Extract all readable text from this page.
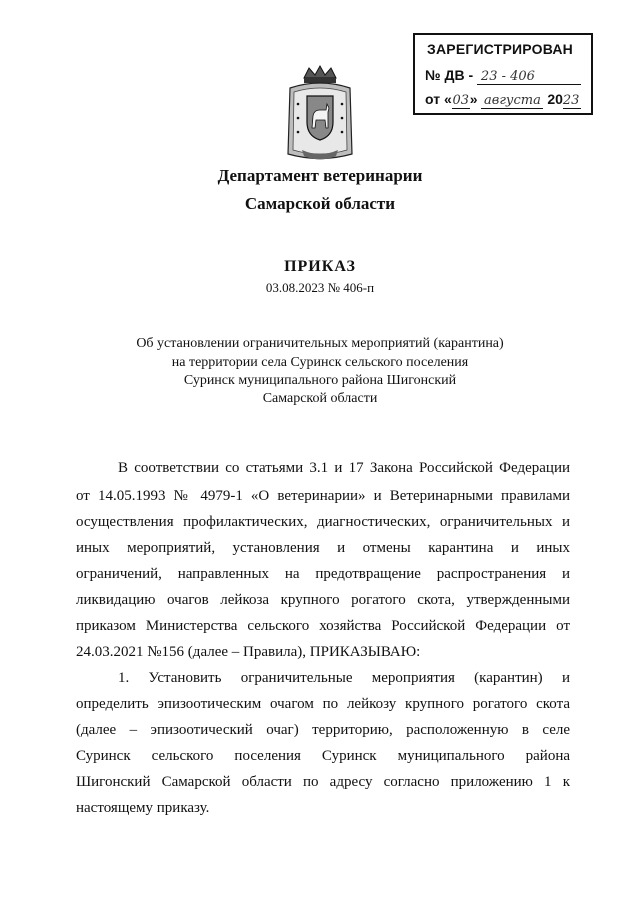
ЗАРЕГИСТРИРОВАН
№ ДВ - 23 - 406
от «03» августа 2023
Департамент ветеринарии
Самарской области
ПРИКАЗ
03.08.2023 № 406-п
Об установлении ограничительных мероприятий (карантина)
на территории села Суринск сельского поселения
Суринск муниципального района Шигонский
Самарской области
В соответствии со статьями 3.1 и 17 Закона Российской Федерации
от 14.05.1993 № 4979-1 «О ветеринарии» и Ветеринарными правилами
осуществления профилактических, диагностических, ограничительных и
иных мероприятий, установления и отмены карантина и иных
ограничений, направленных на предотвращение распространения и
ликвидацию очагов лейкоза крупного рогатого скота, утвержденными
приказом Министерства сельского хозяйства Российской Федерации от
24.03.2021 №156 (далее – Правила), ПРИКАЗЫВАЮ:
1. Установить ограничительные мероприятия (карантин) и
определить эпизоотическим очагом по лейкозу крупного рогатого скота
(далее – эпизоотический очаг) территорию, расположенную в селе
Суринск сельского поселения Суринск муниципального района
Шигонский Самарской области по адресу согласно приложению 1 к
настоящему приказу.
